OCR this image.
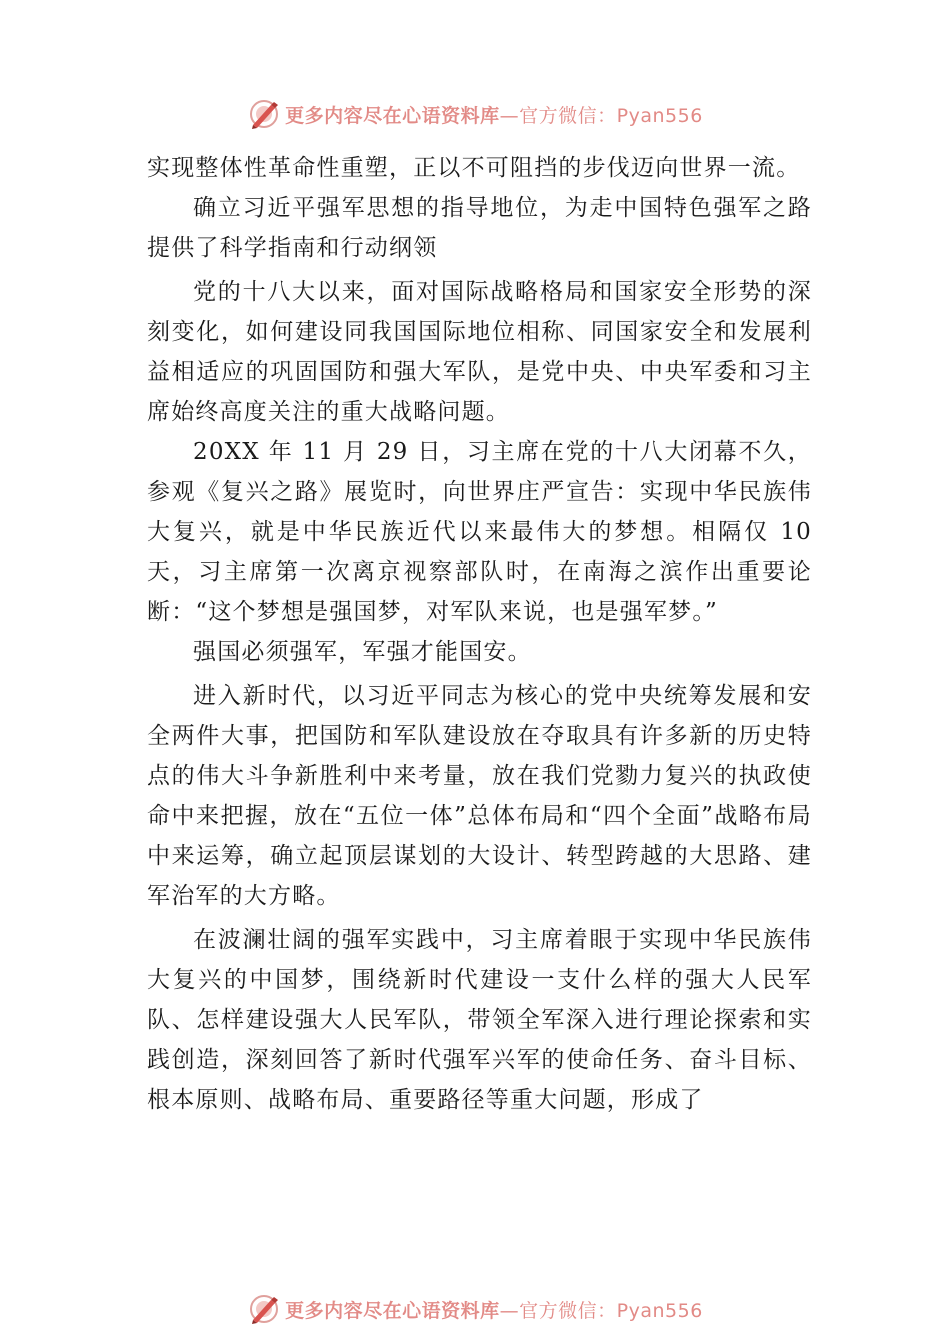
更多内容尽在心语资料库—官方微信：Pyan556

实现整体性革命性重塑，正以不可阻挡的步伐迈向世界一流。

确立习近平强军思想的指导地位，为走中国特色强军之路提供了科学指南和行动纲领

党的十八大以来，面对国际战略格局和国家安全形势的深刻变化，如何建设同我国国际地位相称、同国家安全和发展利益相适应的巩固国防和强大军队，是党中央、中央军委和习主席始终高度关注的重大战略问题。

20XX 年 11 月 29 日，习主席在党的十八大闭幕不久，参观《复兴之路》展览时，向世界庄严宣告：实现中华民族伟大复兴，就是中华民族近代以来最伟大的梦想。相隔仅 10 天，习主席第一次离京视察部队时，在南海之滨作出重要论断：“这个梦想是强国梦，对军队来说，也是强军梦。”

强国必须强军，军强才能国安。

进入新时代，以习近平同志为核心的党中央统筹发展和安全两件大事，把国防和军队建设放在夺取具有许多新的历史特点的伟大斗争新胜利中来考量，放在我们党勠力复兴的执政使命中来把握，放在“五位一体”总体布局和“四个全面”战略布局中来运筹，确立起顶层谋划的大设计、转型跨越的大思路、建军治军的大方略。

在波澜壮阔的强军实践中，习主席着眼于实现中华民族伟大复兴的中国梦，围绕新时代建设一支什么样的强大人民军队、怎样建设强大人民军队，带领全军深入进行理论探索和实践创造，深刻回答了新时代强军兴军的使命任务、奋斗目标、根本原则、战略布局、重要路径等重大问题，形成了

更多内容尽在心语资料库—官方微信：Pyan556
